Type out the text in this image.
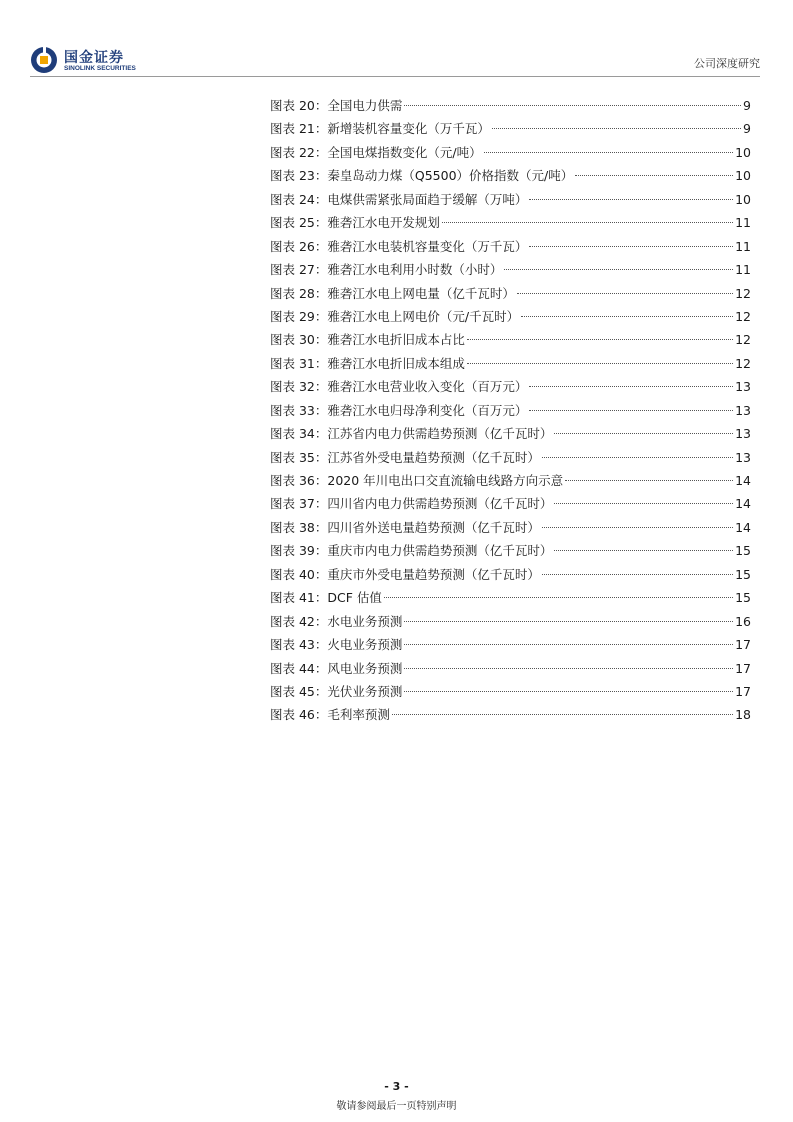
国金证券
SINOLINK SECURITIES	公司深度研究
图表 20： 全国电力供需	9
图表 21： 新增装机容量变化（万千瓦）	9
图表 22： 全国电煤指数变化（元/吨）	10
图表 23： 秦皇岛动力煤（Q5500）价格指数（元/吨）	10
图表 24： 电煤供需紧张局面趋于缓解（万吨）	10
图表 25： 雅砻江水电开发规划	11
图表 26： 雅砻江水电装机容量变化（万千瓦）	11
图表 27： 雅砻江水电利用小时数（小时）	11
图表 28： 雅砻江水电上网电量（亿千瓦时）	12
图表 29： 雅砻江水电上网电价（元/千瓦时）	12
图表 30： 雅砻江水电折旧成本占比	12
图表 31： 雅砻江水电折旧成本组成	12
图表 32： 雅砻江水电营业收入变化（百万元）	13
图表 33： 雅砻江水电归母净利变化（百万元）	13
图表 34： 江苏省内电力供需趋势预测（亿千瓦时）	13
图表 35： 江苏省外受电量趋势预测（亿千瓦时）	13
图表 36： 2020 年川电出口交直流输电线路方向示意	14
图表 37： 四川省内电力供需趋势预测（亿千瓦时）	14
图表 38： 四川省外送电量趋势预测（亿千瓦时）	14
图表 39： 重庆市内电力供需趋势预测（亿千瓦时）	15
图表 40： 重庆市外受电量趋势预测（亿千瓦时）	15
图表 41： DCF 估值	15
图表 42： 水电业务预测	16
图表 43： 火电业务预测	17
图表 44： 风电业务预测	17
图表 45： 光伏业务预测	17
图表 46： 毛利率预测	18
- 3 -
敬请参阅最后一页特别声明
